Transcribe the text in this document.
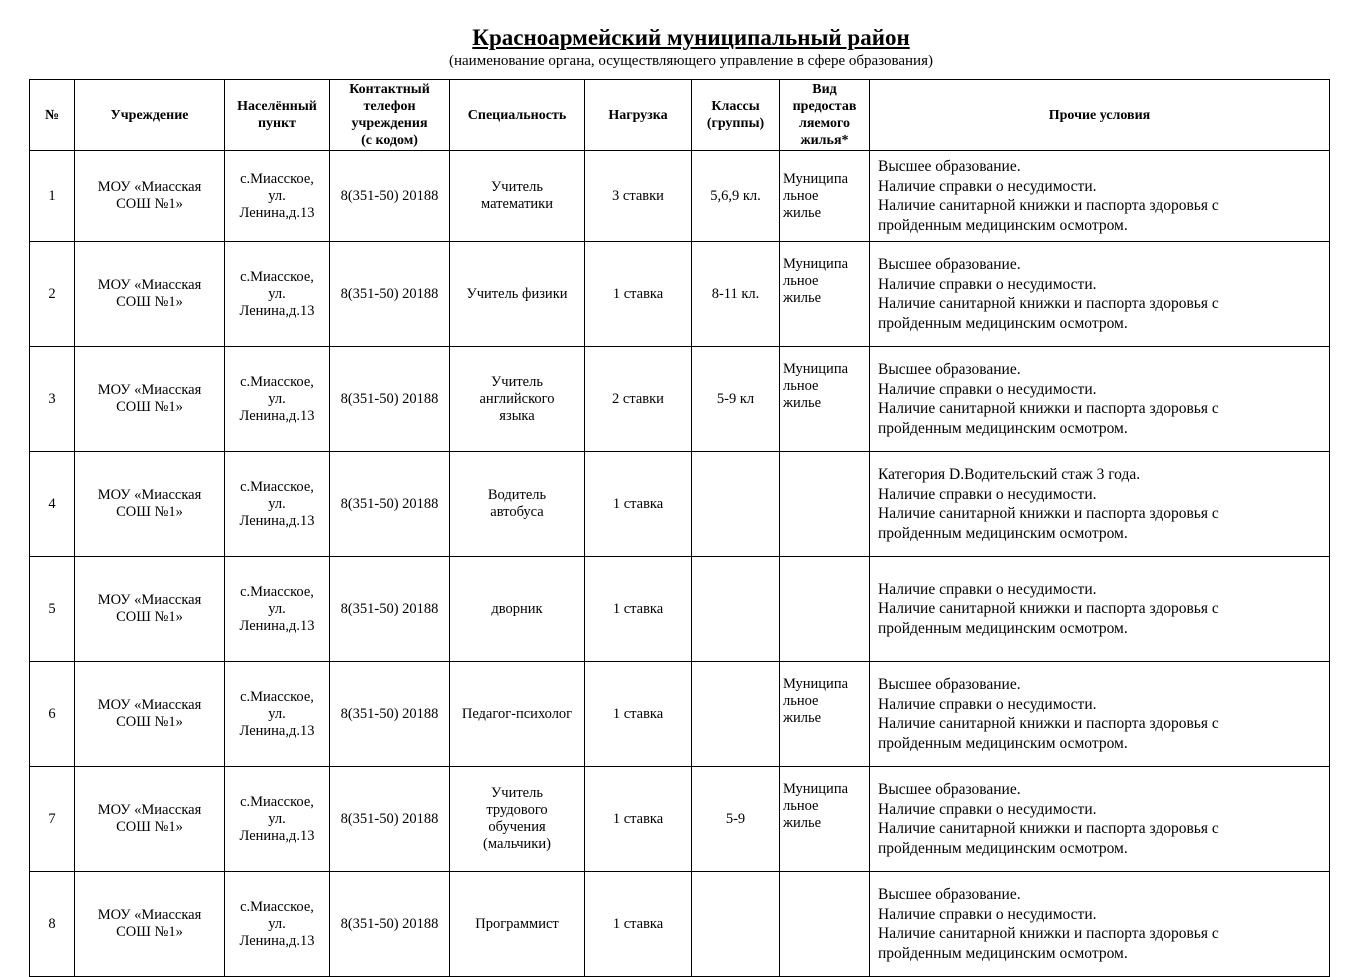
Красноармейский муниципальный район
(наименование органа, осуществляющего управление в сфере образования)
№	Учреждение	Населённый
пункт	Контактный
телефон
учреждения
(с кодом)	Специальность	Нагрузка	Классы
(группы)	Вид
предостав
ляемого
жилья*	Прочие условия
1	МОУ «Миасская
СОШ №1»	с.Миасское,
ул.
Ленина,д.13	8(351-50) 20188	Учитель
математики	3 ставки	5,6,9 кл.	Муниципа
льное
жилье	Высшее образование.
Наличие справки о несудимости.
Наличие санитарной книжки и паспорта здоровья с
пройденным медицинским осмотром.

2	МОУ «Миасская
СОШ №1»	с.Миасское,
ул.
Ленина,д.13	8(351-50) 20188	Учитель физики	1 ставка	8-11 кл.	Муниципа
льное
жилье	Высшее образование.
Наличие справки о несудимости.
Наличие санитарной книжки и паспорта здоровья с
пройденным медицинским осмотром.

3	МОУ «Миасская
СОШ №1»	с.Миасское,
ул.
Ленина,д.13	8(351-50) 20188	Учитель
английского
языка	2 ставки	5-9 кл	Муниципа
льное
жилье	Высшее образование.
Наличие справки о несудимости.
Наличие санитарной книжки и паспорта здоровья с
пройденным медицинским осмотром.

4	МОУ «Миасская
СОШ №1»	с.Миасское,
ул.
Ленина,д.13	8(351-50) 20188	Водитель
автобуса	1 ставка			Категория D.Водительский стаж 3 года.
Наличие справки о несудимости.
Наличие санитарной книжки и паспорта здоровья с
пройденным медицинским осмотром.

5	МОУ «Миасская
СОШ №1»	с.Миасское,
ул.
Ленина,д.13	8(351-50) 20188	дворник	1 ставка			Наличие справки о несудимости.
Наличие санитарной книжки и паспорта здоровья с
пройденным медицинским осмотром.

6	МОУ «Миасская
СОШ №1»	с.Миасское,
ул.
Ленина,д.13	8(351-50) 20188	Педагог-психолог	1 ставка		Муниципа
льное
жилье	Высшее образование.
Наличие справки о несудимости.
Наличие санитарной книжки и паспорта здоровья с
пройденным медицинским осмотром.

7	МОУ «Миасская
СОШ №1»	с.Миасское,
ул.
Ленина,д.13	8(351-50) 20188	Учитель
трудового
обучения
(мальчики)	1 ставка	5-9	Муниципа
льное
жилье	Высшее образование.
Наличие справки о несудимости.
Наличие санитарной книжки и паспорта здоровья с
пройденным медицинским осмотром.

8	МОУ «Миасская
СОШ №1»	с.Миасское,
ул.
Ленина,д.13	8(351-50) 20188	Программист	1 ставка			Высшее образование.
Наличие справки о несудимости.
Наличие санитарной книжки и паспорта здоровья с
пройденным медицинским осмотром.
